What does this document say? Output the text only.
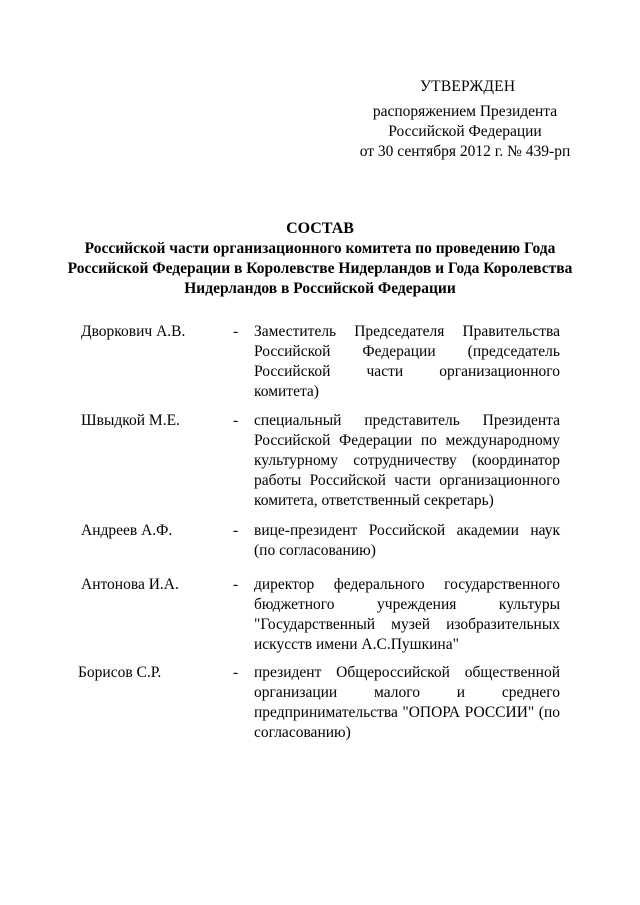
УТВЕРЖДЕН
распоряжением Президента
Российской Федерации
от 30 сентября 2012 г. № 439-рп
СОСТАВ
Российской части организационного комитета по проведению Года Российской Федерации в Королевстве Нидерландов и Года Королевства Нидерландов в Российской Федерации
Дворкович А.В.	- Заместитель Председателя Правительства Российской Федерации (председатель Российской части организационного комитета)
Швыдкой М.Е.	- специальный представитель Президента Российской Федерации по международному культурному сотрудничеству (координатор работы Российской части организационного комитета, ответственный секретарь)
Андреев А.Ф.	- вице-президент Российской академии наук (по согласованию)
Антонова И.А.	- директор федерального государственного бюджетного учреждения культуры "Государственный музей изобразительных искусств имени А.С.Пушкина"
Борисов С.Р.	- президент Общероссийской общественной организации малого и среднего предпринимательства "ОПОРА РОССИИ" (по согласованию)
